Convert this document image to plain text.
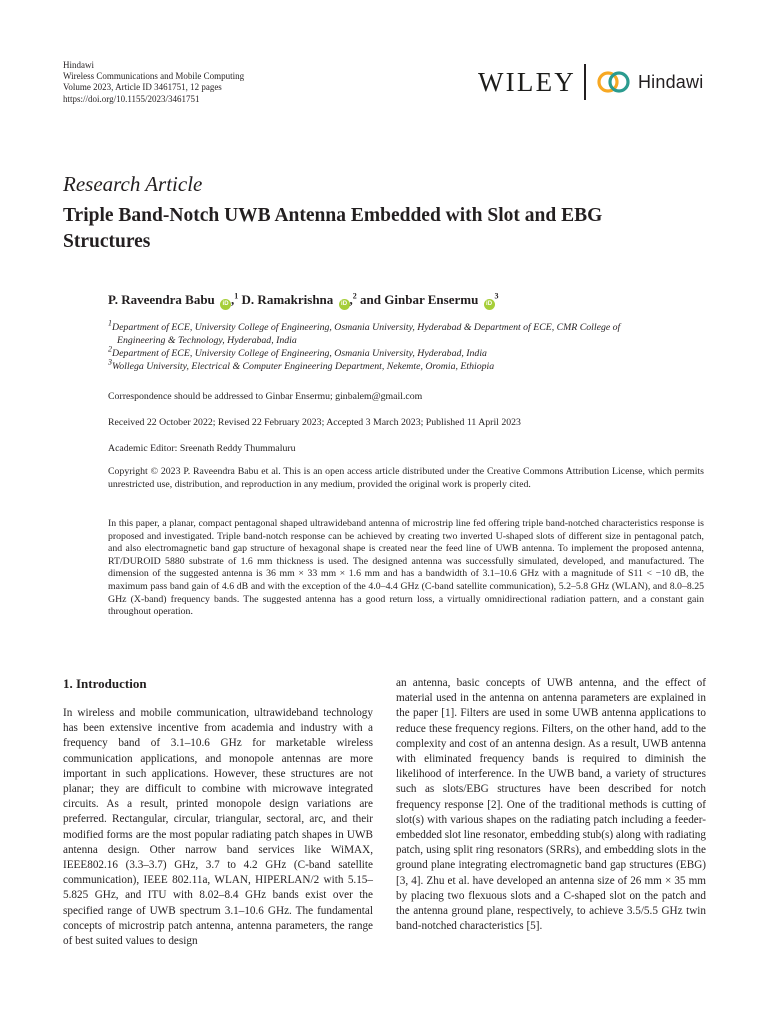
Hindawi
Wireless Communications and Mobile Computing
Volume 2023, Article ID 3461751, 12 pages
https://doi.org/10.1155/2023/3461751
WILEY	Hindawi
Research Article
Triple Band-Notch UWB Antenna Embedded with Slot and EBG Structures
P. Raveendra Babu iD ,$^1$ D. Ramakrishna iD ,$^2$ and Ginbar Ensermu $iD^3$
$^1$Department of ECE, University College of Engineering, Osmania University, Hyderabad & Department of ECE, CMR College of
Engineering & Technology, Hyderabad, India
$^2$Department of ECE, University College of Engineering, Osmania University, Hyderabad, India
$^3$Wollega University, Electrical & Computer Engineering Department, Nekemte, Oromia, Ethiopia
Correspondence should be addressed to Ginbar Ensermu; ginbalem@gmail.com
Received 22 October 2022; Revised 22 February 2023; Accepted 3 March 2023; Published 11 April 2023
Academic Editor: Sreenath Reddy Thummaluru

Copyright © 2023 P. Raveendra Babu et al. This is an open access article distributed under the Creative Commons Attribution License, which permits unrestricted use, distribution, and reproduction in any medium, provided the original work is properly cited.

In this paper, a planar, compact pentagonal shaped ultrawideband antenna of microstrip line fed offering triple band-notched characteristics response is proposed and investigated. Triple band-notch response can be achieved by creating two inverted U-shaped slots of different size in pentagonal patch, and also electromagnetic band gap structure of hexagonal shape is created near the feed line of UWB antenna. To implement the proposed antenna, RT/DUROID 5880 substrate of 1.6 mm thickness is used. The designed antenna was successfully simulated, developed, and manufactured. The dimension of the suggested antenna is 36 mm × 33 mm × 1.6 mm and has a bandwidth of 3.1–10.6 GHz with a magnitude of S11 < −10 dB, the maximum pass band gain of 4.6 dB and with the exception of the 4.0–4.4 GHz (C-band satellite communication), 5.2–5.8 GHz (WLAN), and 8.0–8.25 GHz (X-band) frequency bands. The suggested antenna has a good return loss, a virtually omnidirectional radiation pattern, and a constant gain throughout operation.

1. Introduction

In wireless and mobile communication, ultrawideband technology has been extensive incentive from academia and industry with a frequency band of 3.1–10.6 GHz for marketable wireless communication applications, and monopole antennas are more important in such applications. However, these structures are not planar; they are difficult to combine with microwave integrated circuits. As a result, printed monopole design variations are preferred. Rectangular, circular, triangular, sectoral, arc, and their modified forms are the most popular radiating patch shapes in UWB antenna design. Other narrow band services like WiMAX, IEEE802.16 (3.3–3.7) GHz, 3.7 to 4.2 GHz (C-band satellite communication), IEEE 802.11a, WLAN, HIPERLAN/2 with 5.15–5.825 GHz, and ITU with 8.02–8.4 GHz bands exist over the specified range of UWB spectrum 3.1–10.6 GHz. The fundamental concepts of microstrip patch antenna, antenna parameters, the range of best suited values to design

an antenna, basic concepts of UWB antenna, and the effect of material used in the antenna on antenna parameters are explained in the paper [1]. Filters are used in some UWB antenna applications to reduce these frequency regions. Filters, on the other hand, add to the complexity and cost of an antenna design. As a result, UWB antenna with eliminated frequency bands is required to diminish the likelihood of interference. In the UWB band, a variety of structures such as slots/EBG structures have been described for notch frequency response [2]. One of the traditional methods is cutting of slot(s) with various shapes on the radiating patch including a feeder-embedded slot line resonator, embedding stub(s) along with radiating patch, using split ring resonators (SRRs), and embedding slots in the ground plane integrating electromagnetic band gap structures (EBG) [3, 4]. Zhu et al. have developed an antenna size of 26 mm × 35 mm by placing two flexuous slots and a C-shaped slot on the patch and the antenna ground plane, respectively, to achieve 3.5/5.5 GHz twin band-notched characteristics [5].
